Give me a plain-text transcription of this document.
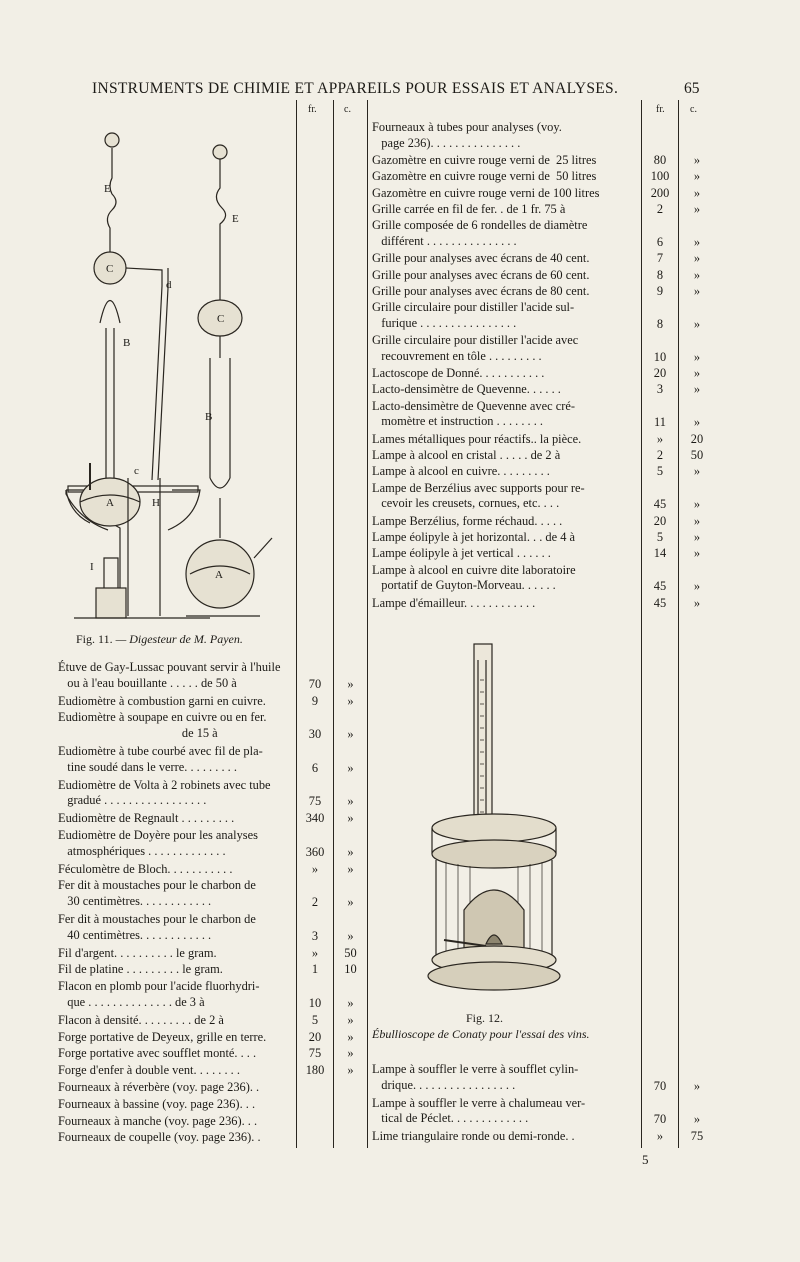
INSTRUMENTS DE CHIMIE ET APPAREILS POUR ESSAIS ET ANALYSES.	65
fr.	c.	fr.	c.
E
C
d
B
c
A	H
C
E
B
A
I
Fig. 11. — Digesteur de M. Payen.
Étuve de Gay-Lussac pouvant servir à l'huile
ou à l'eau bouillante . . . . . de 50 à	70	»
Eudiomètre à combustion garni en cuivre.	9	»
Eudiomètre à soupape en cuivre ou en fer.
de 15 à	30	»
Eudiomètre à tube courbé avec fil de pla-
tine soudé dans le verre. . . . . . . . .	6	»
Eudiomètre de Volta à 2 robinets avec tube
gradué . . . . . . . . . . . . . . . . .	75	»
Eudiomètre de Regnault . . . . . . . . .	340	»
Eudiomètre de Doyère pour les analyses
atmosphériques . . . . . . . . . . . . .	360	»
Féculomètre de Bloch. . . . . . . . . . .	»	»
Fer dit à moustaches pour le charbon de
30 centimètres. . . . . . . . . . . .	2	»
Fer dit à moustaches pour le charbon de
40 centimètres. . . . . . . . . . . .	3	»
Fil d'argent. . . . . . . . . . le gram.	»	50
Fil de platine . . . . . . . . . le gram.	1	10
Flacon en plomb pour l'acide fluorhydri-
que . . . . . . . . . . . . . . de 3 à	10	»
Flacon à densité. . . . . . . . . de 2 à	5	»
Forge portative de Deyeux, grille en terre.	20	»
Forge portative avec soufflet monté. . . .	75	»
Forge d'enfer à double vent. . . . . . . .	180	»
Fourneaux à réverbère (voy. page 236). .
Fourneaux à bassine (voy. page 236). . .
Fourneaux à manche (voy. page 236). . .
Fourneaux de coupelle (voy. page 236). .
Fourneaux à tubes pour analyses (voy.
page 236). . . . . . . . . . . . . . .
Gazomètre en cuivre rouge verni de  25 litres	80	»
Gazomètre en cuivre rouge verni de  50 litres	100	»
Gazomètre en cuivre rouge verni de 100 litres	200	»
Grille carrée en fil de fer. . de 1 fr. 75 à	2	»
Grille composée de 6 rondelles de diamètre
différent . . . . . . . . . . . . . . .	6	»
Grille pour analyses avec écrans de 40 cent.	7	»
Grille pour analyses avec écrans de 60 cent.	8	»
Grille pour analyses avec écrans de 80 cent.	9	»
Grille circulaire pour distiller l'acide sul-
furique . . . . . . . . . . . . . . . .	8	»
Grille circulaire pour distiller l'acide avec
recouvrement en tôle . . . . . . . . .	10	»
Lactoscope de Donné. . . . . . . . . . .	20	»
Lacto-densimètre de Quevenne. . . . . .	3	»
Lacto-densimètre de Quevenne avec cré-
momètre et instruction . . . . . . . .	11	»
Lames métalliques pour réactifs.. la pièce.	»	20
Lampe à alcool en cristal . . . . . de 2 à	2	50
Lampe à alcool en cuivre. . . . . . . . .	5	»
Lampe de Berzélius avec supports pour re-
cevoir les creusets, cornues, etc. . . .	45	»
Lampe Berzélius, forme réchaud. . . . .	20	»
Lampe éolipyle à jet horizontal. . . de 4 à	5	»
Lampe éolipyle à jet vertical . . . . . .	14	»
Lampe à alcool en cuivre dite laboratoire
portatif de Guyton-Morveau. . . . . .	45	»
Lampe d'émailleur. . . . . . . . . . . .	45	»
Fig. 12.
Ébullioscope de Conaty pour l'essai des vins.
Lampe à souffler le verre à soufflet cylin-
drique. . . . . . . . . . . . . . . . .	70	»
Lampe à souffler le verre à chalumeau ver-
tical de Péclet. . . . . . . . . . . . .	70	»
Lime triangulaire ronde ou demi-ronde. .	»	75
5
